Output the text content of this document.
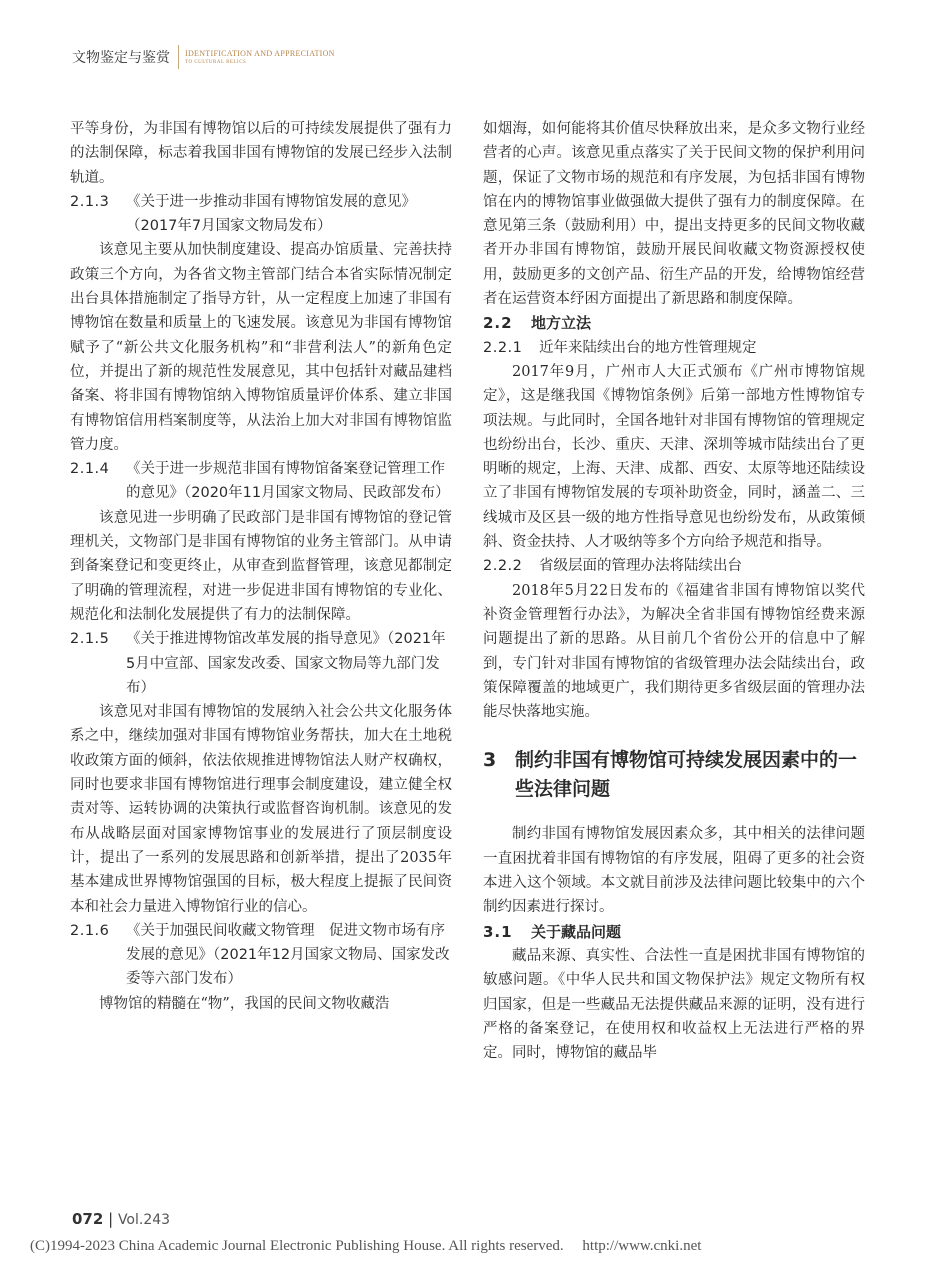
文物鉴定与鉴赏 IDENTIFICATION AND APPRECIATION
TO CULTURAL RELICS

平等身份，为非国有博物馆以后的可持续发展提供了强有力的法制保障，标志着我国非国有博物馆的发展已经步入法制轨道。

2.1.3	《关于进一步推动非国有博物馆发展的意见》（2017年7月国家文物局发布）

该意见主要从加快制度建设、提高办馆质量、完善扶持政策三个方向，为各省文物主管部门结合本省实际情况制定出台具体措施制定了指导方针，从一定程度上加速了非国有博物馆在数量和质量上的飞速发展。该意见为非国有博物馆赋予了“新公共文化服务机构”和“非营利法人”的新角色定位，并提出了新的规范性发展意见，其中包括针对藏品建档备案、将非国有博物馆纳入博物馆质量评价体系、建立非国有博物馆信用档案制度等，从法治上加大对非国有博物馆监管力度。

2.1.4	《关于进一步规范非国有博物馆备案登记管理工作的意见》（2020年11月国家文物局、民政部发布）

该意见进一步明确了民政部门是非国有博物馆的登记管理机关，文物部门是非国有博物馆的业务主管部门。从申请到备案登记和变更终止，从审查到监督管理，该意见都制定了明确的管理流程，对进一步促进非国有博物馆的专业化、规范化和法制化发展提供了有力的法制保障。

2.1.5	《关于推进博物馆改革发展的指导意见》（2021年5月中宣部、国家发改委、国家文物局等九部门发布）

该意见对非国有博物馆的发展纳入社会公共文化服务体系之中，继续加强对非国有博物馆业务帮扶，加大在土地税收政策方面的倾斜，依法依规推进博物馆法人财产权确权，同时也要求非国有博物馆进行理事会制度建设，建立健全权责对等、运转协调的决策执行或监督咨询机制。该意见的发布从战略层面对国家博物馆事业的发展进行了顶层制度设计，提出了一系列的发展思路和创新举措，提出了2035年基本建成世界博物馆强国的目标，极大程度上提振了民间资本和社会力量进入博物馆行业的信心。

2.1.6	《关于加强民间收藏文物管理　促进文物市场有序发展的意见》（2021年12月国家文物局、国家发改委等六部门发布）

博物馆的精髓在“物”，我国的民间文物收藏浩

如烟海，如何能将其价值尽快释放出来，是众多文物行业经营者的心声。该意见重点落实了关于民间文物的保护利用问题，保证了文物市场的规范和有序发展，为包括非国有博物馆在内的博物馆事业做强做大提供了强有力的制度保障。在意见第三条（鼓励利用）中，提出支持更多的民间文物收藏者开办非国有博物馆，鼓励开展民间收藏文物资源授权使用，鼓励更多的文创产品、衍生产品的开发，给博物馆经营者在运营资本纾困方面提出了新思路和制度保障。

2.2	地方立法
2.2.1	近年来陆续出台的地方性管理规定

2017年9月，广州市人大正式颁布《广州市博物馆规定》，这是继我国《博物馆条例》后第一部地方性博物馆专项法规。与此同时，全国各地针对非国有博物馆的管理规定也纷纷出台，长沙、重庆、天津、深圳等城市陆续出台了更明晰的规定，上海、天津、成都、西安、太原等地还陆续设立了非国有博物馆发展的专项补助资金，同时，涵盖二、三线城市及区县一级的地方性指导意见也纷纷发布，从政策倾斜、资金扶持、人才吸纳等多个方向给予规范和指导。

2.2.2	省级层面的管理办法将陆续出台

2018年5月22日发布的《福建省非国有博物馆以奖代补资金管理暂行办法》，为解决全省非国有博物馆经费来源问题提出了新的思路。从目前几个省份公开的信息中了解到，专门针对非国有博物馆的省级管理办法会陆续出台，政策保障覆盖的地域更广，我们期待更多省级层面的管理办法能尽快落地实施。

3 制约非国有博物馆可持续发展因素中的一些法律问题

制约非国有博物馆发展因素众多，其中相关的法律问题一直困扰着非国有博物馆的有序发展，阻碍了更多的社会资本进入这个领域。本文就目前涉及法律问题比较集中的六个制约因素进行探讨。

3.1	关于藏品问题

藏品来源、真实性、合法性一直是困扰非国有博物馆的敏感问题。《中华人民共和国文物保护法》规定文物所有权归国家，但是一些藏品无法提供藏品来源的证明，没有进行严格的备案登记，在使用权和收益权上无法进行严格的界定。同时，博物馆的藏品毕

072 | Vol.243
(C)1994-2023 China Academic Journal Electronic Publishing House. All rights reserved.　 http://www.cnki.net
